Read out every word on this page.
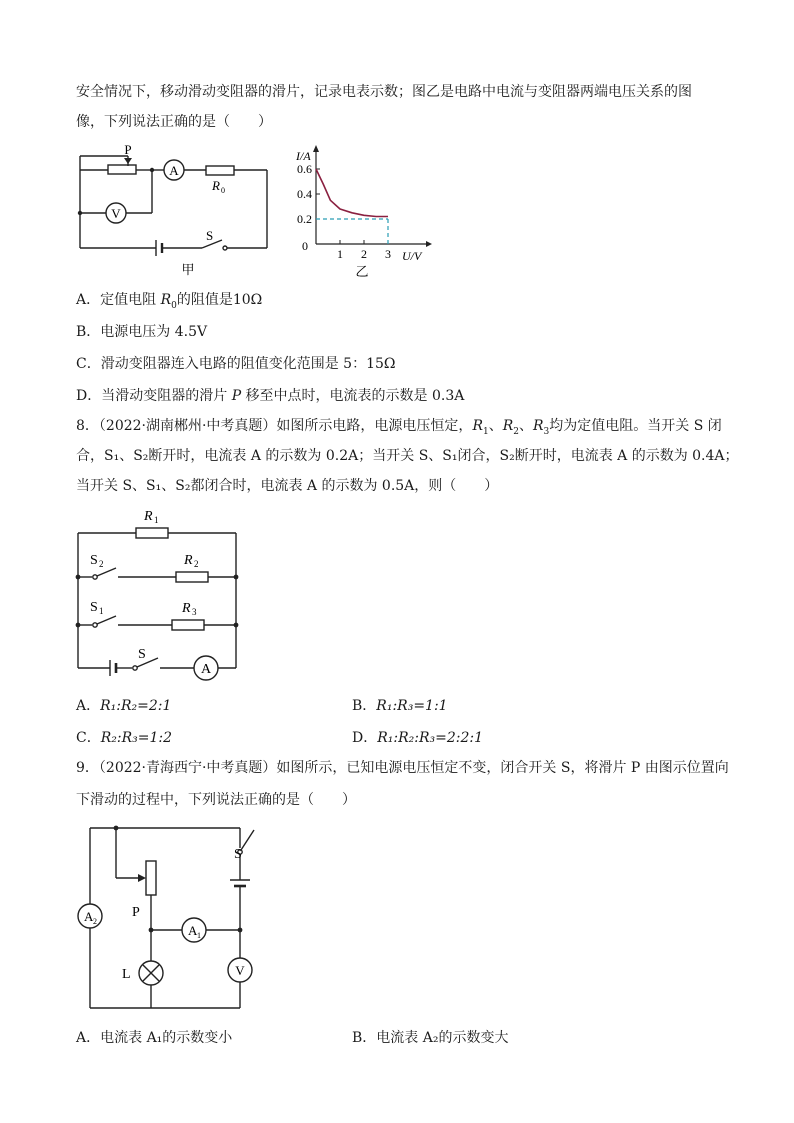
安全情况下，移动滑动变阻器的滑片，记录电表示数；图乙是电路中电流与变阻器两端电压关系的图
像，下列说法正确的是（　　）
P
A
V
R 0
S
甲
1 2 3
0.2
0.4
0.6
I/A
U/V
0
乙
A．定值电阻 $R_0$的阻值是10Ω
B．电源电压为 4.5V
C．滑动变阻器连入电路的阻值变化范围是 5：15Ω
D．当滑动变阻器的滑片 P 移至中点时，电流表的示数是 0.3A
8．（2022·湖南郴州·中考真题）如图所示电路，电源电压恒定，$R_1$、$R_2$、$R_3$均为定值电阻。当开关 S 闭
合，S₁、S₂断开时，电流表 A 的示数为 0.2A；当开关 S、S₁闭合，S₂断开时，电流表 A 的示数为 0.4A；
当开关 S、S₁、S₂都闭合时，电流表 A 的示数为 0.5A，则（　　）
R 1
R 2
R 3
S 2
S 1
S
A
A．R₁:R₂=2:1	B．R₁:R₃=1:1
C．R₂:R₃=1:2	D．R₁:R₂:R₃=2:2:1
9．（2022·青海西宁·中考真题）如图所示，已知电源电压恒定不变，闭合开关 S，将滑片 P 由图示位置向
下滑动的过程中，下列说法正确的是（　　）
S
P
A 2
A 1
L	V
A．电流表 A₁的示数变小	B．电流表 A₂的示数变大
